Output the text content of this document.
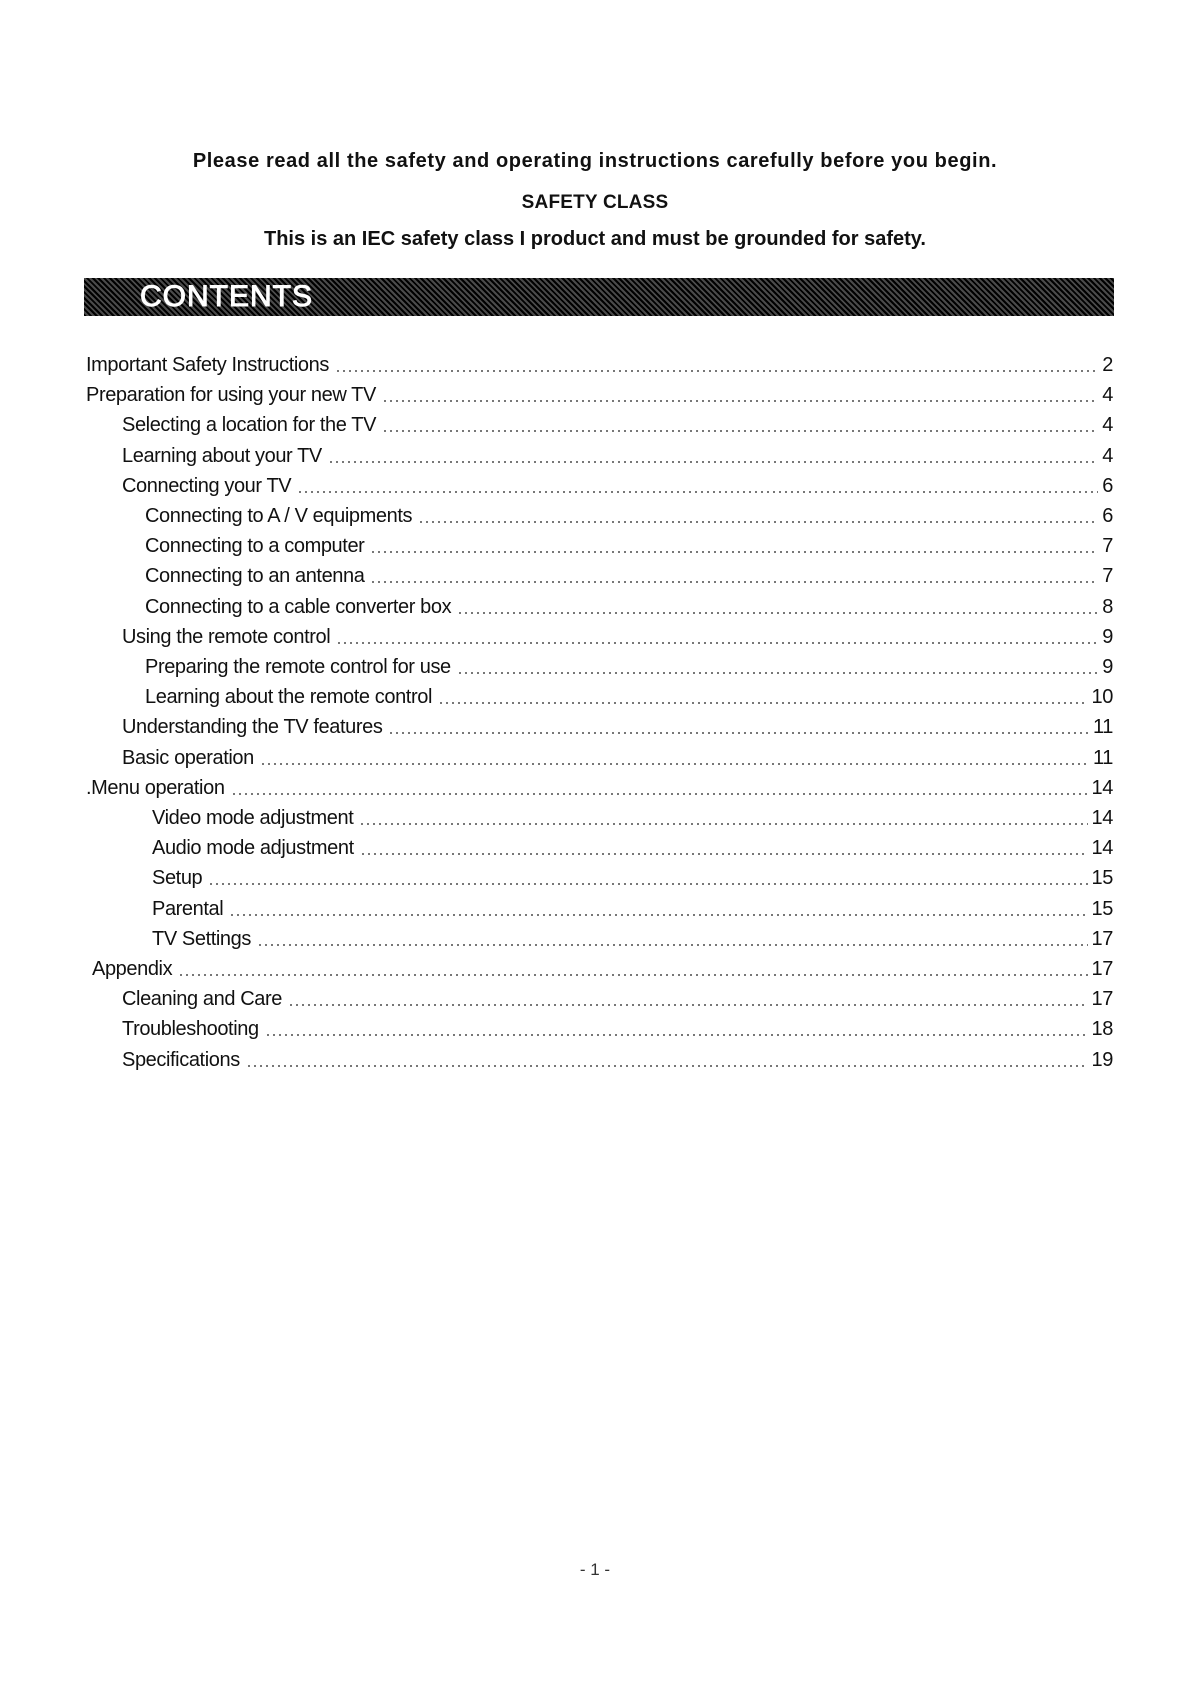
Please read all the safety and operating instructions carefully before you begin.
SAFETY CLASS
This is an IEC safety class I product and must be grounded for safety.
CONTENTS
Important Safety Instructions	2
Preparation for using your new TV	4
Selecting a location for the TV	4
Learning about your TV	4
Connecting your TV	6
Connecting to A / V equipments	6
Connecting to a computer	7
Connecting to an antenna	7
Connecting to a cable converter box	8
Using the remote control	9
Preparing the remote control for use	9
Learning about the remote control	10
Understanding the TV features	11
Basic operation	11
.Menu operation	14
Video mode adjustment	14
Audio mode adjustment	14
Setup	15
Parental	15
TV Settings	17
Appendix	17
Cleaning and Care	17
Troubleshooting	18
Specifications	19
- 1 -
